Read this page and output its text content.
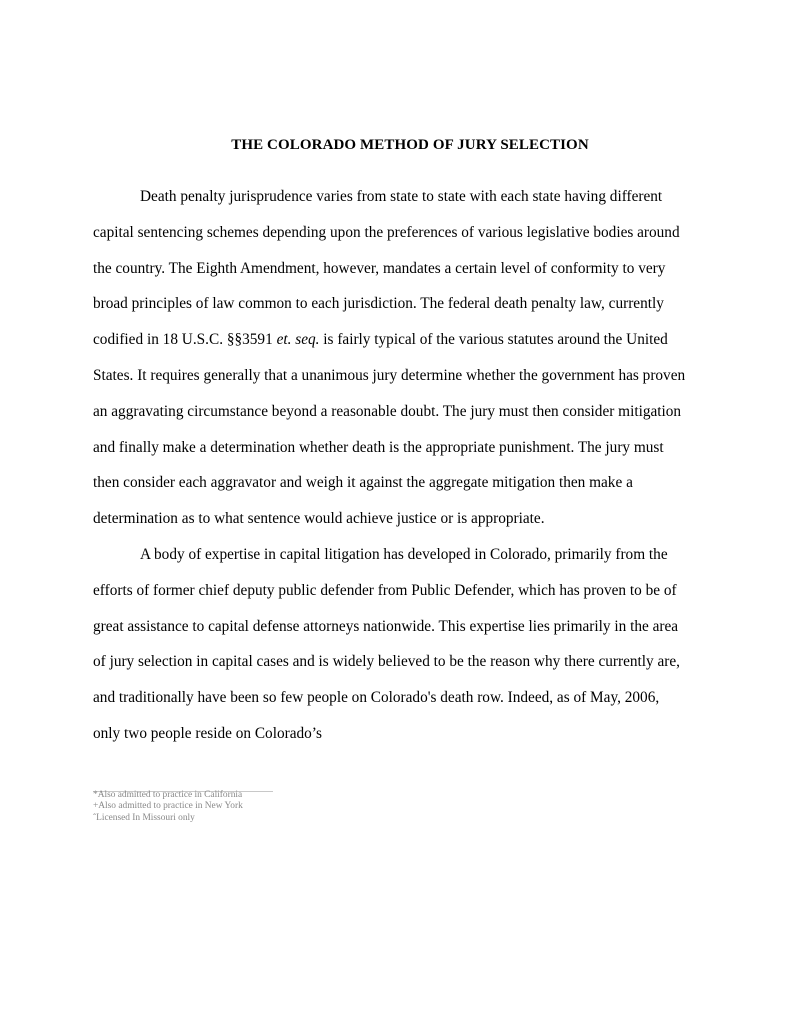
THE COLORADO METHOD OF JURY SELECTION
Death penalty jurisprudence varies from state to state with each state having different
capital sentencing schemes depending upon the preferences of various legislative bodies around
the country. The Eighth Amendment, however, mandates a certain level of conformity to very
broad principles of law common to each jurisdiction. The federal death penalty law, currently
codified in 18 U.S.C. §§3591 et. seq. is fairly typical of the various statutes around the United
States. It requires generally that a unanimous jury determine whether the government has proven
an aggravating circumstance beyond a reasonable doubt. The jury must then consider mitigation
and finally make a determination whether death is the appropriate punishment. The jury must
then consider each aggravator and weigh it against the aggregate mitigation then make a
determination as to what sentence would achieve justice or is appropriate.
A body of expertise in capital litigation has developed in Colorado, primarily from the
efforts of former chief deputy public defender from Public Defender, which has proven to be of
great assistance to capital defense attorneys nationwide. This expertise lies primarily in the area
of jury selection in capital cases and is widely believed to be the reason why there currently are,
and traditionally have been so few people on Colorado's death row. Indeed, as of May, 2006,
only two people reside on Colorado’s
*Also admitted to practice in California
+Also admitted to practice in New York
ˆLicensed In Missouri only
